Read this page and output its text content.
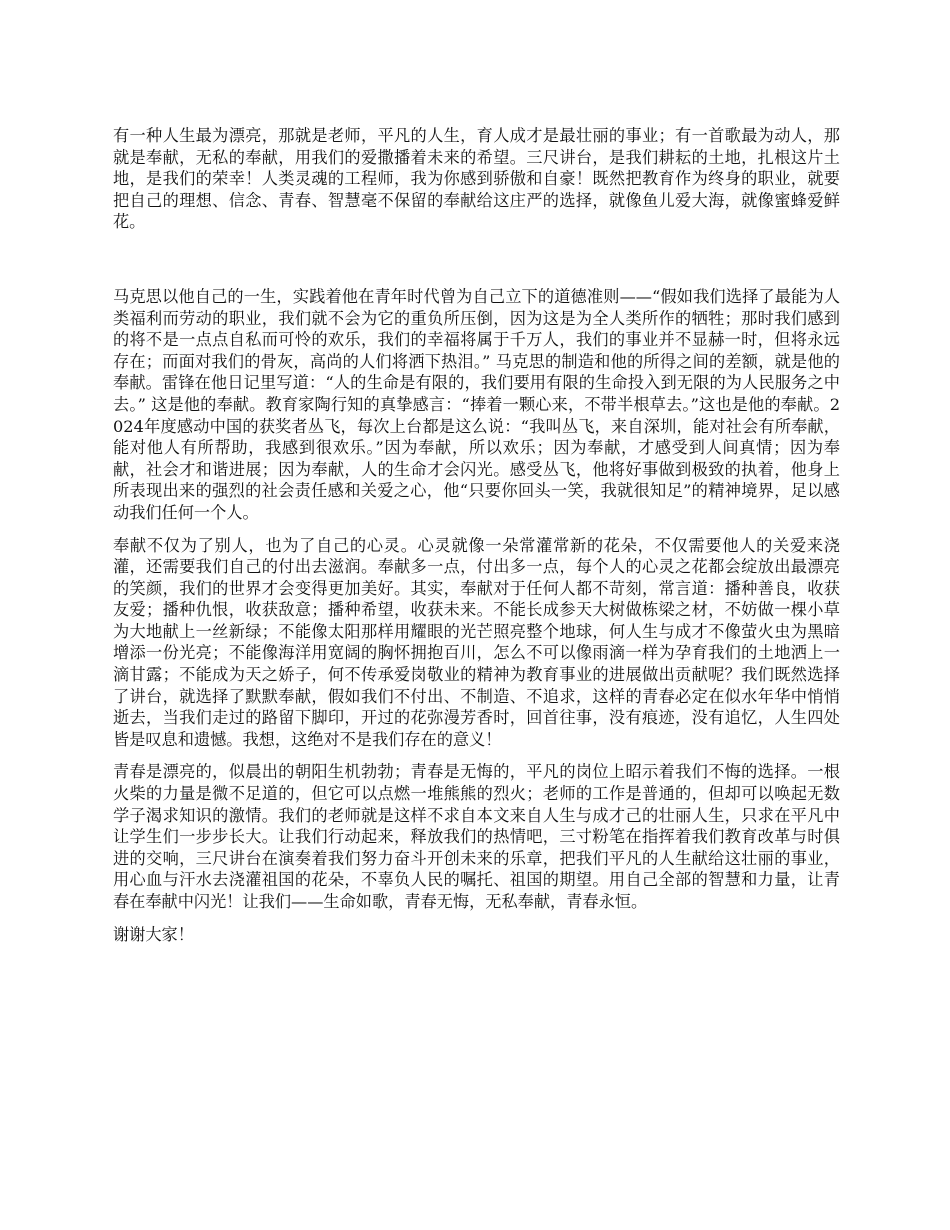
有一种人生最为漂亮，那就是老师，平凡的人生，育人成才是最壮丽的事业；有一首歌最为动人，那就是奉献，无私的奉献，用我们的爱撒播着未来的希望。三尺讲台，是我们耕耘的土地，扎根这片土地，是我们的荣幸！人类灵魂的工程师，我为你感到骄傲和自豪！既然把教育作为终身的职业，就要把自己的理想、信念、青春、智慧毫不保留的奉献给这庄严的选择，就像鱼儿爱大海，就像蜜蜂爱鲜花。

马克思以他自己的一生，实践着他在青年时代曾为自己立下的道德准则——“假如我们选择了最能为人类福利而劳动的职业，我们就不会为它的重负所压倒，因为这是为全人类所作的牺牲；那时我们感到的将不是一点点自私而可怜的欢乐，我们的幸福将属于千万人，我们的事业并不显赫一时，但将永远存在；而面对我们的骨灰，高尚的人们将洒下热泪。” 马克思的制造和他的所得之间的差额，就是他的奉献。雷锋在他日记里写道：“人的生命是有限的，我们要用有限的生命投入到无限的为人民服务之中去。” 这是他的奉献。教育家陶行知的真挚感言：“捧着一颗心来，不带半根草去。”这也是他的奉献。2024年度感动中国的获奖者丛飞，每次上台都是这么说：“我叫丛飞，来自深圳，能对社会有所奉献，能对他人有所帮助，我感到很欢乐。”因为奉献，所以欢乐；因为奉献，才感受到人间真情；因为奉献，社会才和谐进展；因为奉献，人的生命才会闪光。感受丛飞，他将好事做到极致的执着，他身上所表现出来的强烈的社会责任感和关爱之心，他“只要你回头一笑，我就很知足”的精神境界，足以感动我们任何一个人。

奉献不仅为了别人，也为了自己的心灵。心灵就像一朵常灌常新的花朵，不仅需要他人的关爱来浇灌，还需要我们自己的付出去滋润。奉献多一点，付出多一点，每个人的心灵之花都会绽放出最漂亮的笑颜，我们的世界才会变得更加美好。其实，奉献对于任何人都不苛刻，常言道：播种善良，收获友爱；播种仇恨，收获敌意；播种希望，收获未来。不能长成参天大树做栋梁之材，不妨做一棵小草为大地献上一丝新绿；不能像太阳那样用耀眼的光芒照亮整个地球，何人生与成才不像萤火虫为黑暗增添一份光亮；不能像海洋用宽阔的胸怀拥抱百川，怎么不可以像雨滴一样为孕育我们的土地洒上一滴甘露；不能成为天之娇子，何不传承爱岗敬业的精神为教育事业的进展做出贡献呢？我们既然选择了讲台，就选择了默默奉献，假如我们不付出、不制造、不追求，这样的青春必定在似水年华中悄悄逝去，当我们走过的路留下脚印，开过的花弥漫芳香时，回首往事，没有痕迹，没有追忆，人生四处皆是叹息和遗憾。我想，这绝对不是我们存在的意义！

青春是漂亮的，似晨出的朝阳生机勃勃；青春是无悔的，平凡的岗位上昭示着我们不悔的选择。一根火柴的力量是微不足道的，但它可以点燃一堆熊熊的烈火；老师的工作是普通的，但却可以唤起无数学子渴求知识的激情。我们的老师就是这样不求自本文来自人生与成才己的壮丽人生，只求在平凡中让学生们一步步长大。让我们行动起来，释放我们的热情吧，三寸粉笔在指挥着我们教育改革与时俱进的交响，三尺讲台在演奏着我们努力奋斗开创未来的乐章，把我们平凡的人生献给这壮丽的事业，用心血与汗水去浇灌祖国的花朵，不辜负人民的嘱托、祖国的期望。用自己全部的智慧和力量，让青春在奉献中闪光！让我们——生命如歌，青春无悔，无私奉献，青春永恒。

谢谢大家！
